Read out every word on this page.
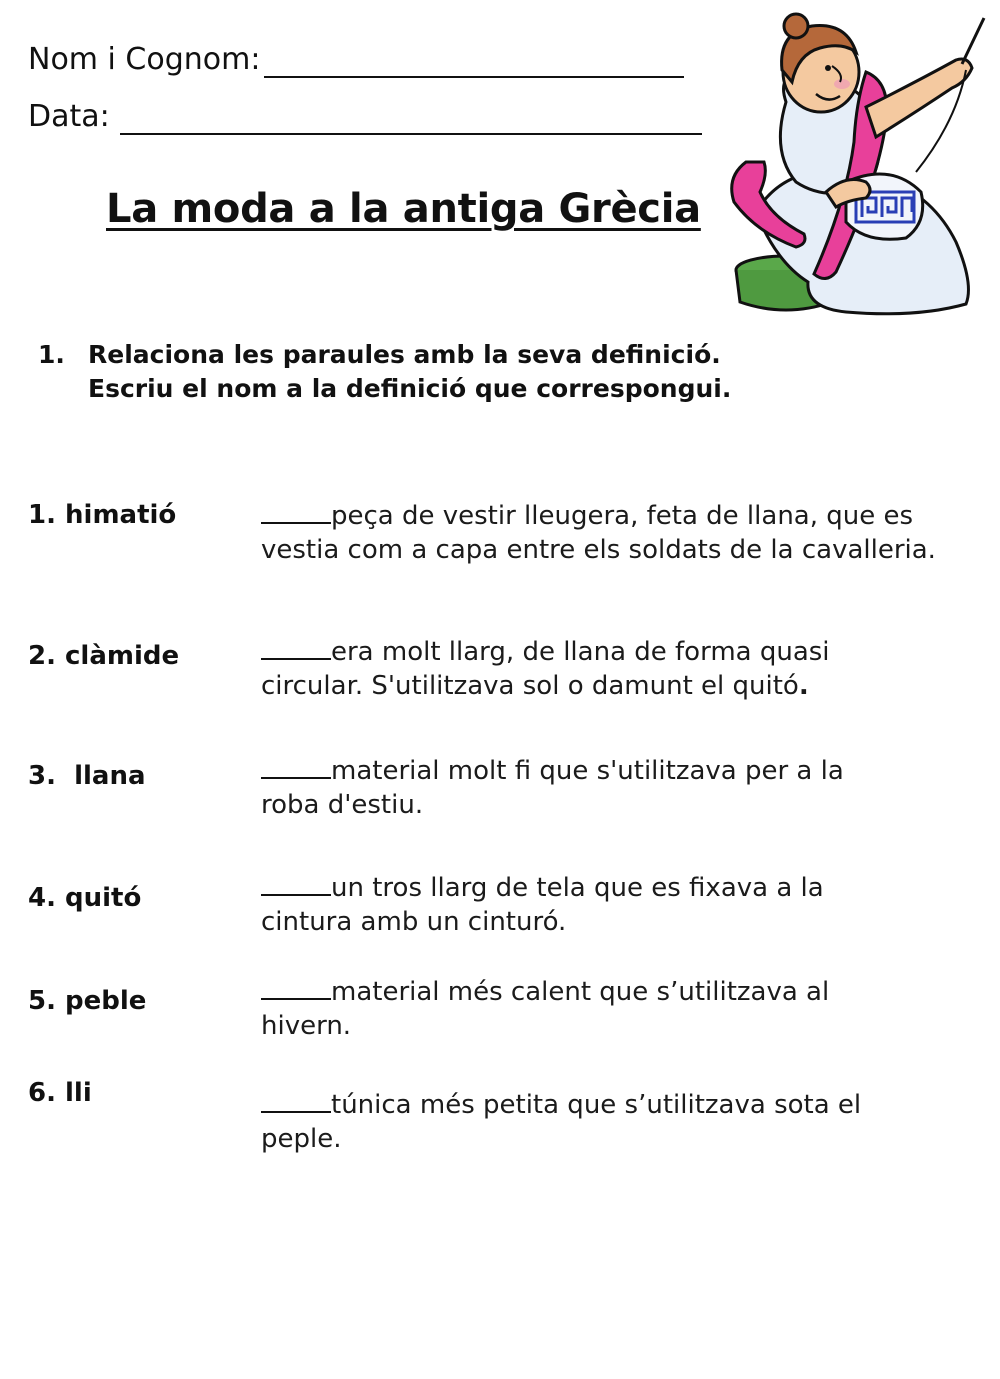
Nom i Cognom:
Data:
La moda a la antiga Grècia
1. Relaciona les paraules amb la seva definició.
Escriu el nom a la definició que correspongui.
1. himatió
2. clàmide
3.  llana
4. quitó
5. peble
6. lli
peça de vestir lleugera, feta de llana, que es
vestia com a capa entre els soldats de la cavalleria.
era molt llarg, de llana de forma quasi
circular. S'utilitzava sol o damunt el quitó.
material molt fi que s'utilitzava per a la
roba d'estiu.
un tros llarg de tela que es fixava a la
cintura amb un cinturó.
material més calent que s’utilitzava al
hivern.
túnica més petita que s’utilitzava sota el
peple.
